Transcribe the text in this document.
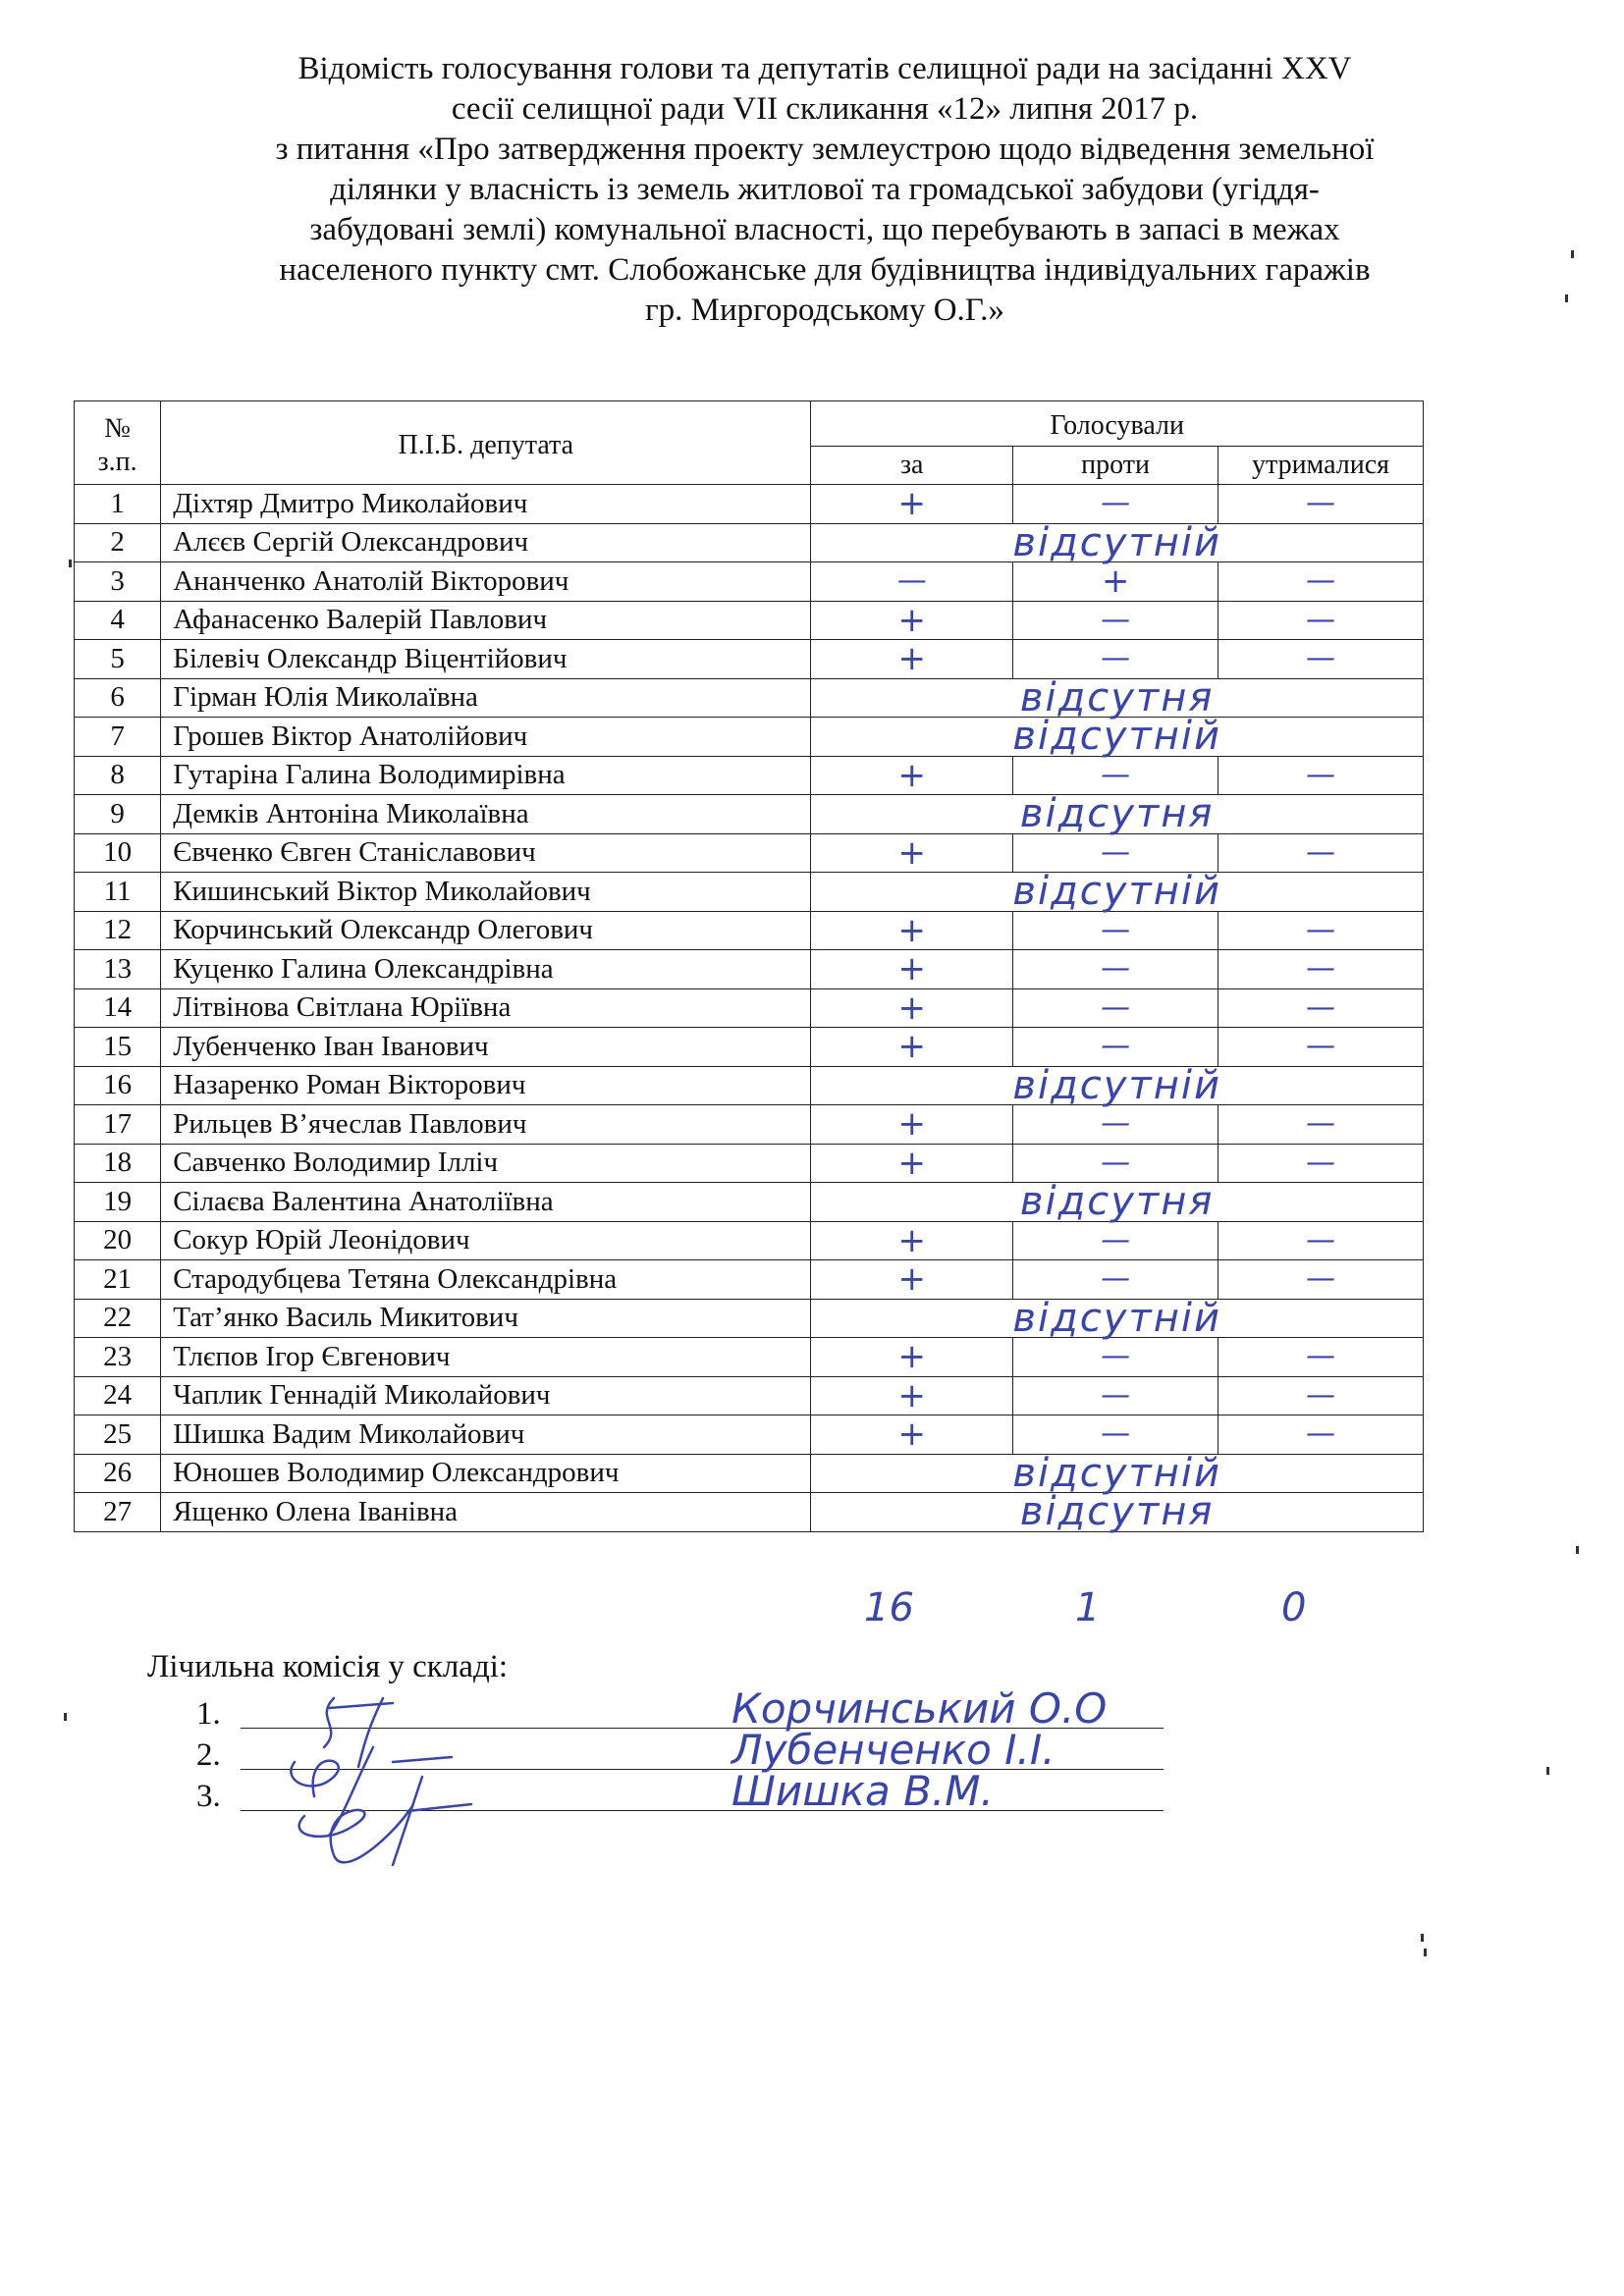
Відомість голосування голови та депутатів селищної ради на засіданні XXV
сесії селищної ради VII скликання «12» липня 2017 р.
з питання «Про затвердження проекту землеустрою щодо відведення земельної
ділянки у власність із земель житлової та громадської забудови (угіддя-
забудовані землі) комунальної власності, що перебувають в запасі в межах
населеного пункту смт. Слобожанське для будівництва індивідуальних гаражів
гр. Миргородському О.Г.»
№ з.п.	П.І.Б. депутата	Голосували		
		за	проти	утрималися
1	Діхтяр Дмитро Миколайович	+	—	—
2	Алєєв Сергій Олександрович	відсутній		
3	Ананченко Анатолій Вікторович	—	+	—
4	Афанасенко Валерій Павлович	+	—	—
5	Білевіч Олександр Віцентійович	+	—	—
6	Гірман Юлія Миколаївна	відсутня		
7	Грошев Віктор Анатолійович	відсутній		
8	Гутаріна Галина Володимирівна	+	—	—
9	Демків Антоніна Миколаївна	відсутня		
10	Євченко Євген Станіславович	+	—	—
11	Кишинський Віктор Миколайович	відсутній		
12	Корчинський Олександр Олегович	+	—	—
13	Куценко Галина Олександрівна	+	—	—
14	Літвінова Світлана Юріївна	+	—	—
15	Лубенченко Іван Іванович	+	—	—
16	Назаренко Роман Вікторович	відсутній		
17	Рильцев В’ячеслав Павлович	+	—	—
18	Савченко Володимир Ілліч	+	—	—
19	Сілаєва Валентина Анатоліївна	відсутня		
20	Сокур Юрій Леонідович	+	—	—
21	Стародубцева Тетяна Олександрівна	+	—	—
22	Тат’янко Василь Микитович	відсутній		
23	Тлєпов Ігор Євгенович	+	—	—
24	Чаплик Геннадій Миколайович	+	—	—
25	Шишка Вадим Миколайович	+	—	—
26	Юношев Володимир Олександрович	відсутній		
27	Ященко Олена Іванівна	відсутня		
16	1	0
Лічильна комісія у складі:
1.	Корчинський О.О
2.	Лубенченко І.І.
3.	Шишка В.М.
